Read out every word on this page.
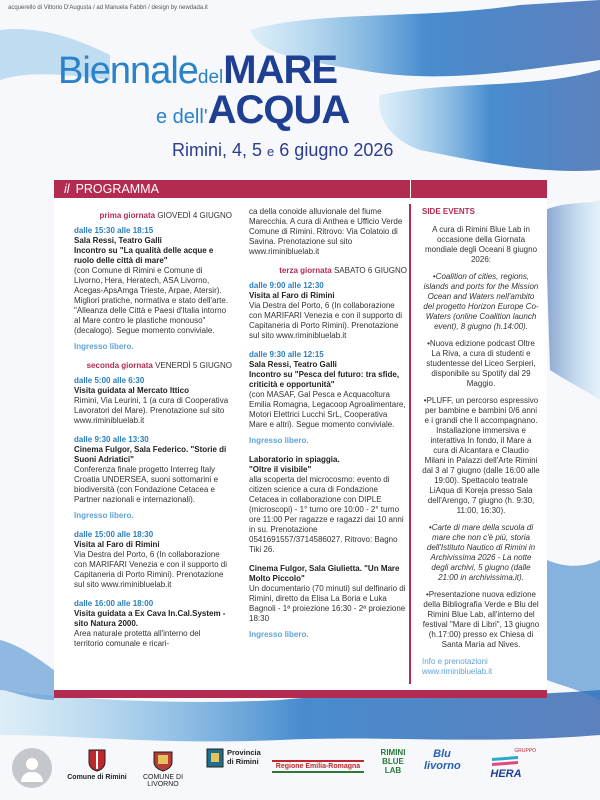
acquerello di Vittorio D'Augusta / ad Manuela Fabbri / design by newdada.it
BiennaledelMARE
e dell'ACQUA
Rimini, 4, 5 e 6 giugno 2026
il PROGRAMMA
prima giornata GIOVEDÌ 4 GIUGNO

dalle 15:30 alle 18:15

Sala Ressi, Teatro Galli

Incontro su "La qualità delle acque e ruolo delle città di mare"

(con Comune di Rimini e Comune di Livorno, Hera, Heratech, ASA Livorno, Acegas-ApsAmga Trieste, Arpae, Atersir). Migliori pratiche, normativa e stato dell'arte. "Alleanza delle Città e Paesi d'Italia intorno al Mare contro le plastiche monouso" (decalogo). Segue momento conviviale.

Ingresso libero.

seconda giornata VENERDÌ 5 GIUGNO

dalle 5:00 alle 6:30

Visita guidata al Mercato Ittico

Rimini, Via Leurini, 1 (a cura di Cooperativa Lavoratori del Mare). Prenotazione sul sito www.riminibluelab.it

dalle 9:30 alle 13:30

Cinema Fulgor, Sala Federico. "Storie di Suoni Adriatici"

Conferenza finale progetto Interreg Italy Croatia UNDERSEA, suoni sottomarini e biodiversità (con Fondazione Cetacea e Partner nazionali e internazionali).

Ingresso libero.

dalle 15:00 alle 18:30

Visita al Faro di Rimini

Via Destra del Porto, 6 (In collaborazione con MARIFARI Venezia e con il supporto di Capitaneria di Porto Rimini). Prenotazione sul sito www.riminibluelab.it

dalle 16:00 alle 18:00

Visita guidata a Ex Cava In.Cal.System - sito Natura 2000.

Area naturale protetta all'interno del territorio comunale e ricari-

ca della conoide alluvionale del fiume Marecchia. A cura di Anthea e Ufficio Verde Comune di Rimini. Ritrovo: Via Colatoio di Savina. Prenotazione sul sito www.riminibluelab.it

terza giornata SABATO 6 GIUGNO

dalle 9:00 alle 12:30

Visita al Faro di Rimini

Via Destra del Porto, 6 (In collaborazione con MARIFARI Venezia e con il supporto di Capitaneria di Porto Rimini). Prenotazione sul sito www.riminibluelab.it

dalle 9:30 alle 12:15

Sala Ressi, Teatro Galli

Incontro su "Pesca del futuro: tra sfide, criticità e opportunità"

(con MASAF, Gal Pesca e Acquacoltura Emilia Romagna, Legacoop Agroalimentare, Motori Elettrici Lucchi SrL, Cooperativa Mare e altri). Segue momento conviviale.

Ingresso libero.

Laboratorio in spiaggia.

"Oltre il visibile"

alla scoperta del microcosmo: evento di citizen science a cura di Fondazione Cetacea in collaborazione con DIPLE (microscopi) - 1° turno ore 10:00 - 2° turno ore 11:00 Per ragazze e ragazzi dai 10 anni in su. Prenotazione 0541691557/3714586027. Ritrovo: Bagno Tiki 26.

Cinema Fulgor, Sala Giulietta. "Un Mare Molto Piccolo"

Un documentario (70 minuti) sul delfinario di Rimini, diretto da Elisa La Boria e Luka Bagnoli - 1ª proiezione 16:30 - 2ª proiezione 18:30

Ingresso libero.

SIDE EVENTS

A cura di Rimini Blue Lab in occasione della Giornata mondiale degli Oceani 8 giugno 2026:

•Coalition of cities, regions, islands and ports for the Mission Ocean and Waters nell'ambito del progetto Horizon Europe Co-Waters (online Coalition launch event), 8 giugno (h.14:00).

•Nuova edizione podcast Oltre La Riva, a cura di studenti e studentesse del Liceo Serpieri, disponibile su Spotify dal 29 Maggio.

•PLUFF, un percorso espressivo per bambine e bambini 0/6 anni e i grandi che li accompagnano. Installazione immersiva e interattiva In fondo, il Mare a cura di Alcantara e Claudio Milani in Palazzi dell'Arte Rimini dal 3 al 7 giugno (dalle 16:00 alle 19:00). Spettacolo teatrale LiAqua di Koreja presso Sala dell'Arengo, 7 giugno (h. 9:30, 11:00, 16:30).

•Carte di mare della scuola di mare che non c'è più, storia dell'Istituto Nautico di Rimini in Archivissima 2026 - La notte degli archivi, 5 giugno (dalle 21:00 in archivissima.it).

•Presentazione nuova edizione della Bibliografia Verde e Blu del Rimini Blue Lab, all'interno del festival "Mare di Libri", 13 giugno (h.17:00) presso ex Chiesa di Santa Maria ad Nives.

Info e prenotazioni

www.riminibluelab.it

Comune di Rimini	COMUNE DI LIVORNO
Provincia di Rimini
Regione Emilia-Romagna
RIMINI BLUE LAB
Blu livorno
GRUPPO
HERA
